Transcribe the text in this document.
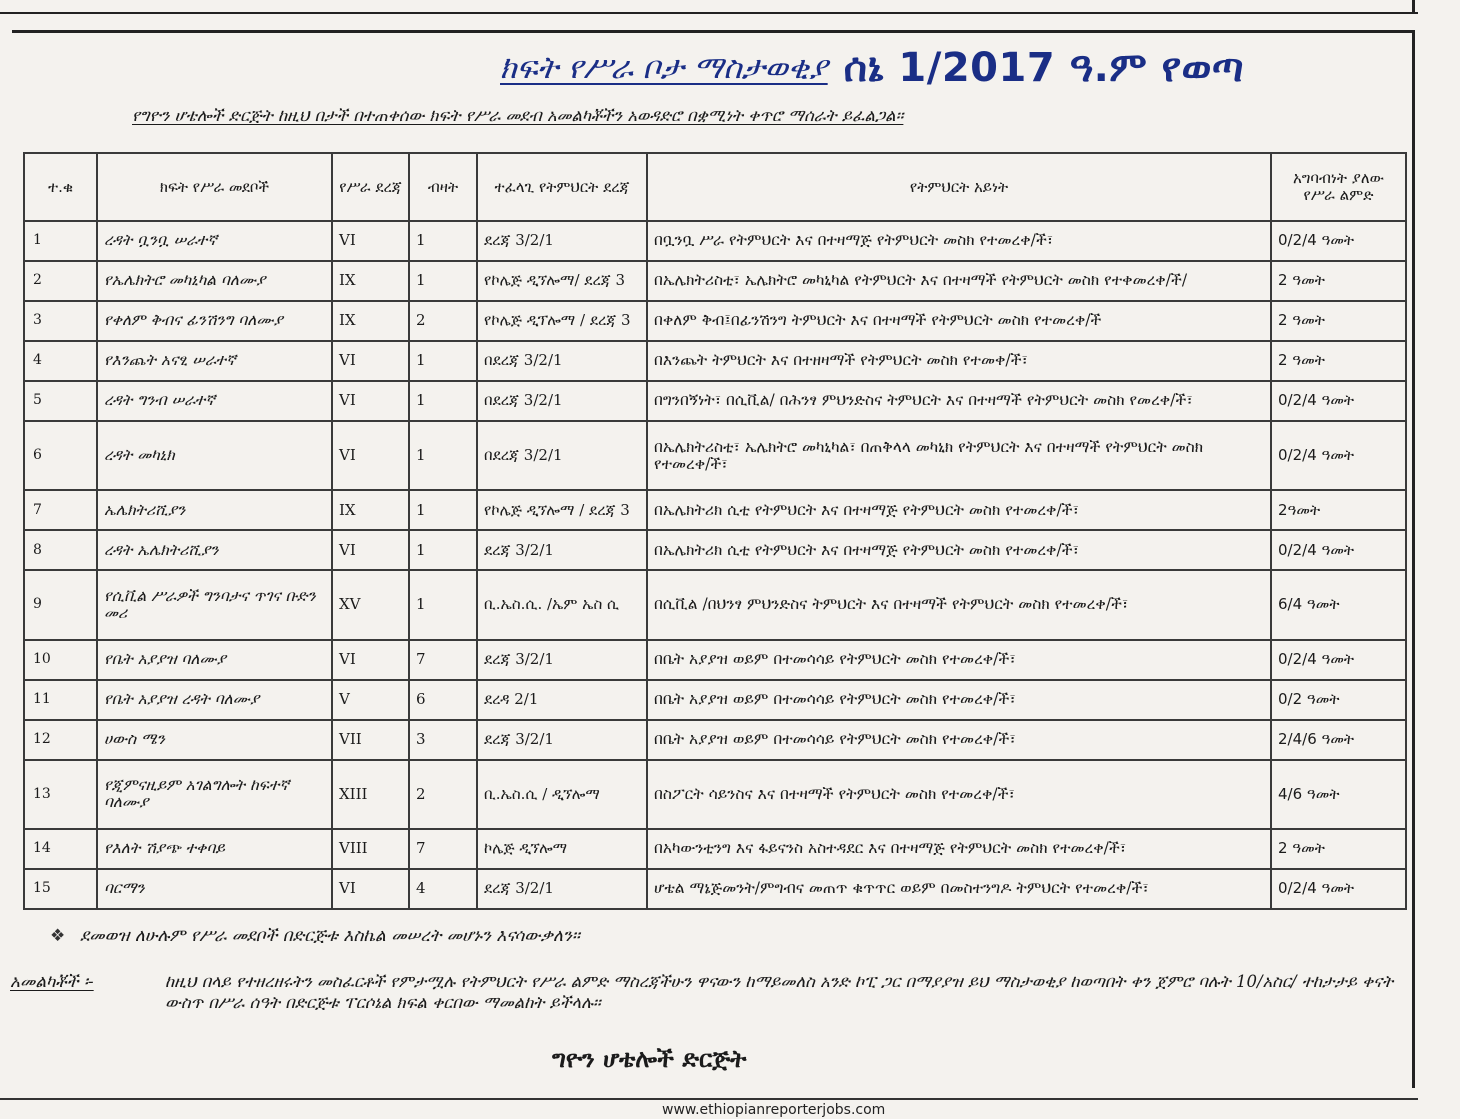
ክፍት የሥራ ቦታ ማስታወቂያ ሰኔ 1/2017 ዓ.ም የወጣ
የግዮን ሆቴሎች ድርጅት ከዚህ በታች በተጠቀሰው ክፍት የሥራ መደብ አመልካቾችን አወዳድሮ በቋሚነት ቀጥሮ ማሰራት ይፈልጋል፡፡
ተ.ቁ	ክፍት የሥራ መደቦች	የሥራ ደረጃ	ብዛት	ተፈላጊ የትምህርት ደረጃ	የትምህርት አይነት	አግባብነት ያለው የሥራ ልምድ
1	ረዳት ቧንቧ ሠራተኛ	VI	1	ደረጃ 3/2/1	በቧንቧ ሥራ የትምህርት እና በተዛማጅ የትምህርት መስክ የተመረቀ/ች፣	0/2/4 ዓመት
2	የኤሌክትሮ መካኒካል ባለሙያ	IX	1	የኮሌጅ ዲኘሎማ/ ደረጃ 3	በኤሌክትሪስቲ፣ ኤሌክትሮ መካኒካል የትምህርት እና በተዛማች የትምህርት መስክ የተቀመረቀ/ች/	2 ዓመት
3	የቀለም ቅብና ፊንሽንግ ባለሙያ	IX	2	የኮሌጅ ዲፕሎማ / ደረጃ 3	በቀለም ቅብ፤በፊንሽንግ ትምህርት እና በተዛማች የትምህርት መስክ የተመረቀ/ች	2 ዓመት
4	የእንጨት አናፂ ሠራተኛ	VI	1	በደረጃ 3/2/1	በእንጨት ትምህርት እና በተዘዛማች የትምህርት መስክ የተመቀ/ች፣	2 ዓመት
5	ረዳት ግንብ ሠራተኛ	VI	1	በደረጃ 3/2/1	በግንበኝነት፣ በሲቪል/ በሕንፃ ምህንድስና ትምህርት እና በተዛማች የትምህርት መስክ የመረቀ/ች፣	0/2/4 ዓመት
6	ረዳት መካኒክ	VI	1	በደረጃ 3/2/1	በኤሌክትሪስቲ፣ ኤሌክትሮ መካኒካል፣ በጠቅላላ መካኒክ የትምህርት እና በተዛማች የትምህርት መስክ የተመረቀ/ች፣	0/2/4 ዓመት
7	ኤሌክትሪሺያን	IX	1	የኮሌጅ ዲኘሎማ / ደረጃ 3	በኤሌክትሪክ ሲቲ የትምህርት እና በተዛማጅ የትምህርት መስክ የተመረቀ/ች፣	2ዓመት
8	ረዳት ኤሌክትሪሺያን	VI	1	ደረጃ 3/2/1	በኤሌክትሪክ ሲቲ የትምህርት እና በተዛማጅ የትምህርት መስክ የተመረቀ/ች፣	0/2/4 ዓመት
9	የሲቪል ሥራዎች ግንባታና ጥገና ቡድን መሪ	XV	1	ቢ.ኤስ.ሲ. /ኤም ኤስ ሲ	በሲቪል /በህንፃ ምህንድስና ትምህርት እና በተዛማች የትምህርት መስክ የተመረቀ/ች፣	6/4 ዓመት
10	የቤት አያያዝ ባለሙያ	VI	7	ደረጃ 3/2/1	በቤት አያያዝ ወይም በተመሳሳይ የትምህርት መስክ የተመረቀ/ች፣	0/2/4 ዓመት
11	የቤት አያያዝ ረዳት ባለሙያ	V	6	ደረዳ 2/1	በቤት አያያዝ ወይም በተመሳሳይ የትምህርት መስክ የተመረቀ/ች፣	0/2 ዓመት
12	ሀውስ ሜን	VII	3	ደረጃ 3/2/1	በቤት አያያዝ ወይም በተመሳሳይ የትምህርት መስክ የተመረቀ/ች፣	2/4/6 ዓመት
13	የጂምናዚይም አገልግሎት ከፍተኛ ባለሙያ	XIII	2	ቢ.ኤስ.ሲ / ዲኘሎማ	በስፖርት ሳይንስና እና በተዛማች የትምህርት መስክ የተመረቀ/ች፣	4/6 ዓመት
14	የእለት ሽያጭ ተቀባይ	VIII	7	ኮሌጅ ዲኘሎማ	በአካውንቲንግ እና ፋይናንስ አስተዳደር እና በተዛማጅ የትምህርት መስክ የተመረቀ/ች፣	2 ዓመት
15	ባርማን	VI	4	ደረጃ 3/2/1	ሆቴል ማኔጅመንት/ምግብና መጠጥ ቁጥጥር ወይም በመስተንግዶ ትምህርት የተመረቀ/ች፣	0/2/4 ዓመት
❖ ደመወዝ ለሁሉም የሥራ መደቦች በድርጅቱ እስኬል መሠረት መሆኑን እናሳውቃለን፡፡
አመልካቾች ፡-	ከዚህ በላይ የተዘረዘሩትን መስፈርቶች የምታሟሉ የትምህርት የሥራ ልምድ ማስረጃችሁን ዋናውን ከማይመለስ አንድ ኮፒ ጋር በማያያዝ ይህ ማስታወቂያ ከወጣበት ቀን ጀምሮ ባሉት 10/አስር/ ተከታታይ ቀናት ውስጥ በሥራ ሰዓት በድርጅቱ ፐርሶኔል ክፍል ቀርበው ማመልከት ይችላሉ፡፡
ግዮን ሆቴሎች ድርጅት
www.ethiopianreporterjobs.com
